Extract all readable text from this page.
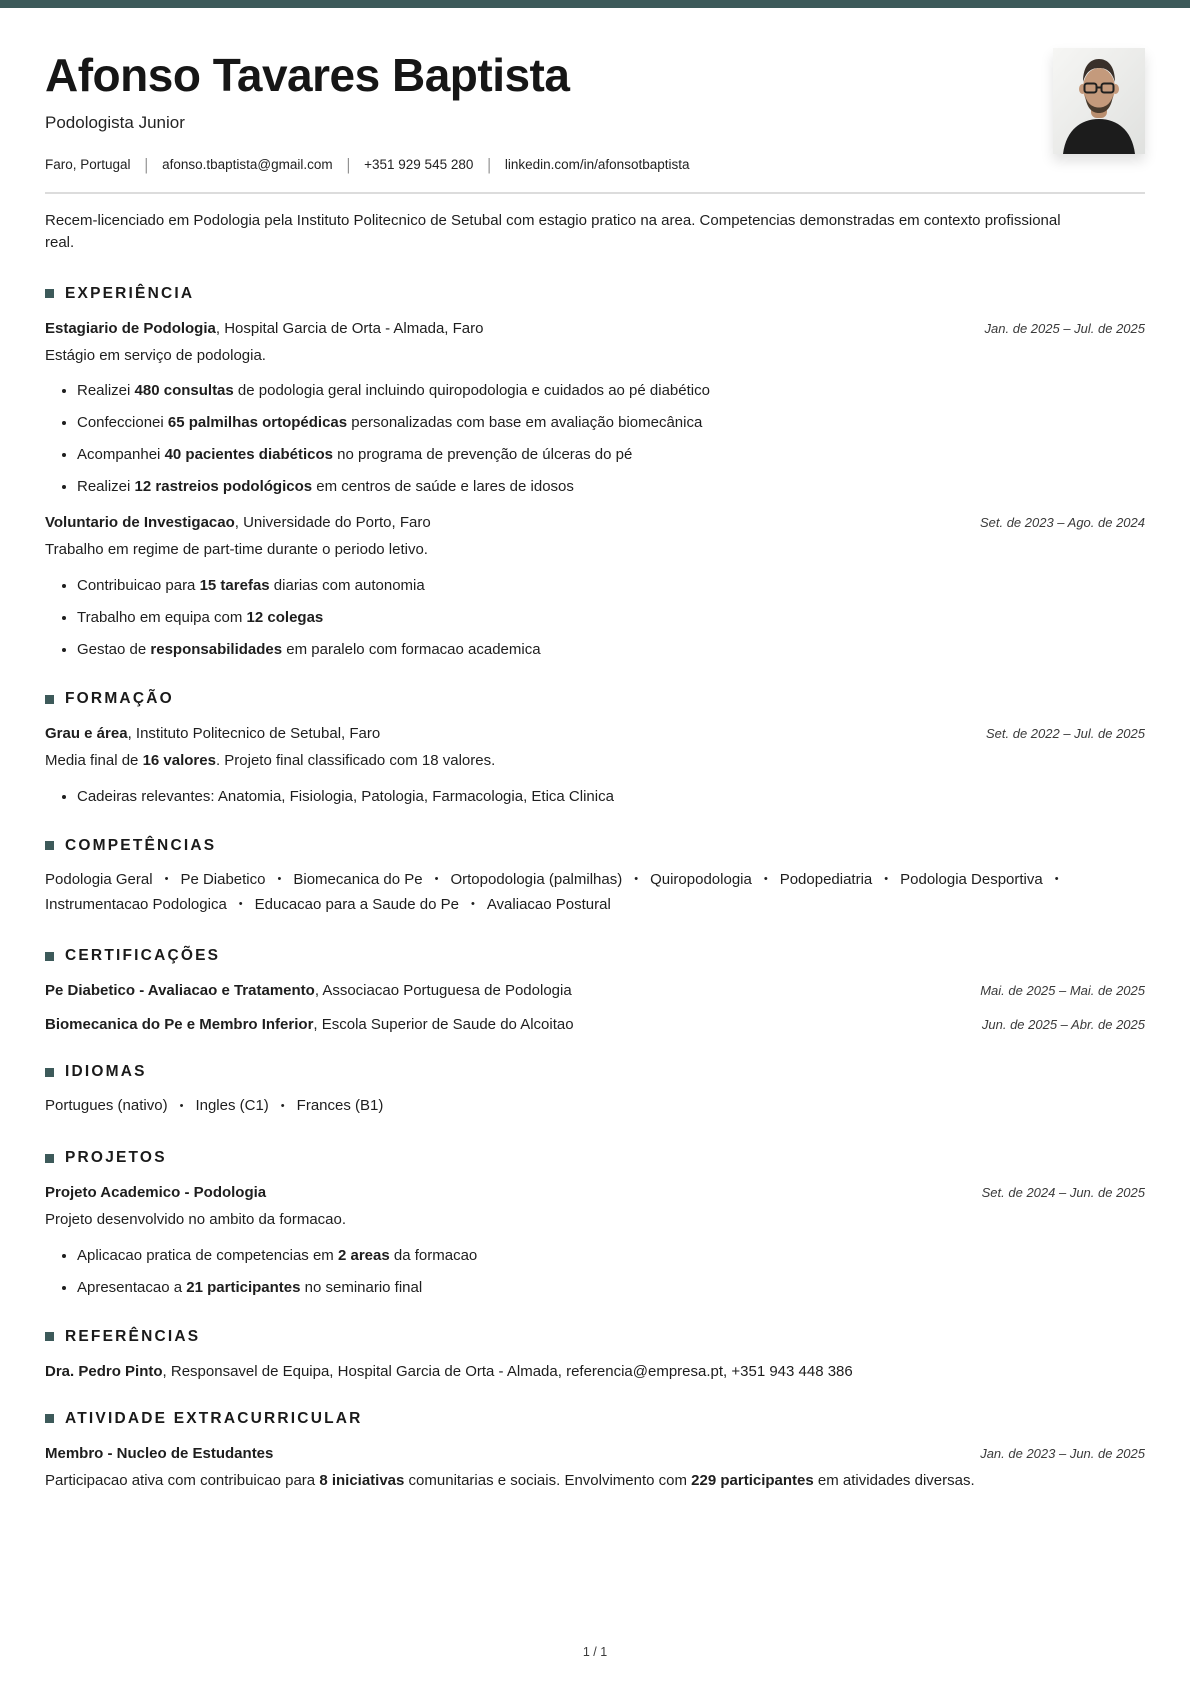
Afonso Tavares Baptista
Podologista Junior
Faro, Portugal | afonso.tbaptista@gmail.com | +351 929 545 280 | linkedin.com/in/afonsotbaptista

Recem-licenciado em Podologia pela Instituto Politecnico de Setubal com estagio pratico na area. Competencias demonstradas em contexto profissional real.

EXPERIÊNCIA
Estagiario de Podologia, Hospital Garcia de Orta - Almada, Faro	Jan. de 2025 – Jul. de 2025
Estágio em serviço de podologia.
• Realizei 480 consultas de podologia geral incluindo quiropodologia e cuidados ao pé diabético
• Confeccionei 65 palmilhas ortopédicas personalizadas com base em avaliação biomecânica
• Acompanhei 40 pacientes diabéticos no programa de prevenção de úlceras do pé
• Realizei 12 rastreios podológicos em centros de saúde e lares de idosos
Voluntario de Investigacao, Universidade do Porto, Faro	Set. de 2023 – Ago. de 2024
Trabalho em regime de part-time durante o periodo letivo.
• Contribuicao para 15 tarefas diarias com autonomia
• Trabalho em equipa com 12 colegas
• Gestao de responsabilidades em paralelo com formacao academica
FORMAÇÃO
Grau e área, Instituto Politecnico de Setubal, Faro	Set. de 2022 – Jul. de 2025
Media final de 16 valores. Projeto final classificado com 18 valores.
• Cadeiras relevantes: Anatomia, Fisiologia, Patologia, Farmacologia, Etica Clinica
COMPETÊNCIAS
Podologia Geral • Pe Diabetico • Biomecanica do Pe • Ortopodologia (palmilhas) • Quiropodologia • Podopediatria • Podologia Desportiva •Instrumentacao Podologica • Educacao para a Saude do Pe • Avaliacao Postural
CERTIFICAÇÕES
Pe Diabetico - Avaliacao e Tratamento, Associacao Portuguesa de Podologia	Mai. de 2025 – Mai. de 2025
Biomecanica do Pe e Membro Inferior, Escola Superior de Saude do Alcoitao	Jun. de 2025 – Abr. de 2025
IDIOMAS
Portugues (nativo) • Ingles (C1) • Frances (B1)
PROJETOS
Projeto Academico - Podologia	Set. de 2024 – Jun. de 2025
Projeto desenvolvido no ambito da formacao.
• Aplicacao pratica de competencias em 2 areas da formacao
• Apresentacao a 21 participantes no seminario final
REFERÊNCIAS
Dra. Pedro Pinto, Responsavel de Equipa, Hospital Garcia de Orta - Almada, referencia@empresa.pt, +351 943 448 386
ATIVIDADE EXTRACURRICULAR
Membro - Nucleo de Estudantes	Jan. de 2023 – Jun. de 2025
Participacao ativa com contribuicao para 8 iniciativas comunitarias e sociais. Envolvimento com 229 participantes em atividades diversas.
1 / 1
